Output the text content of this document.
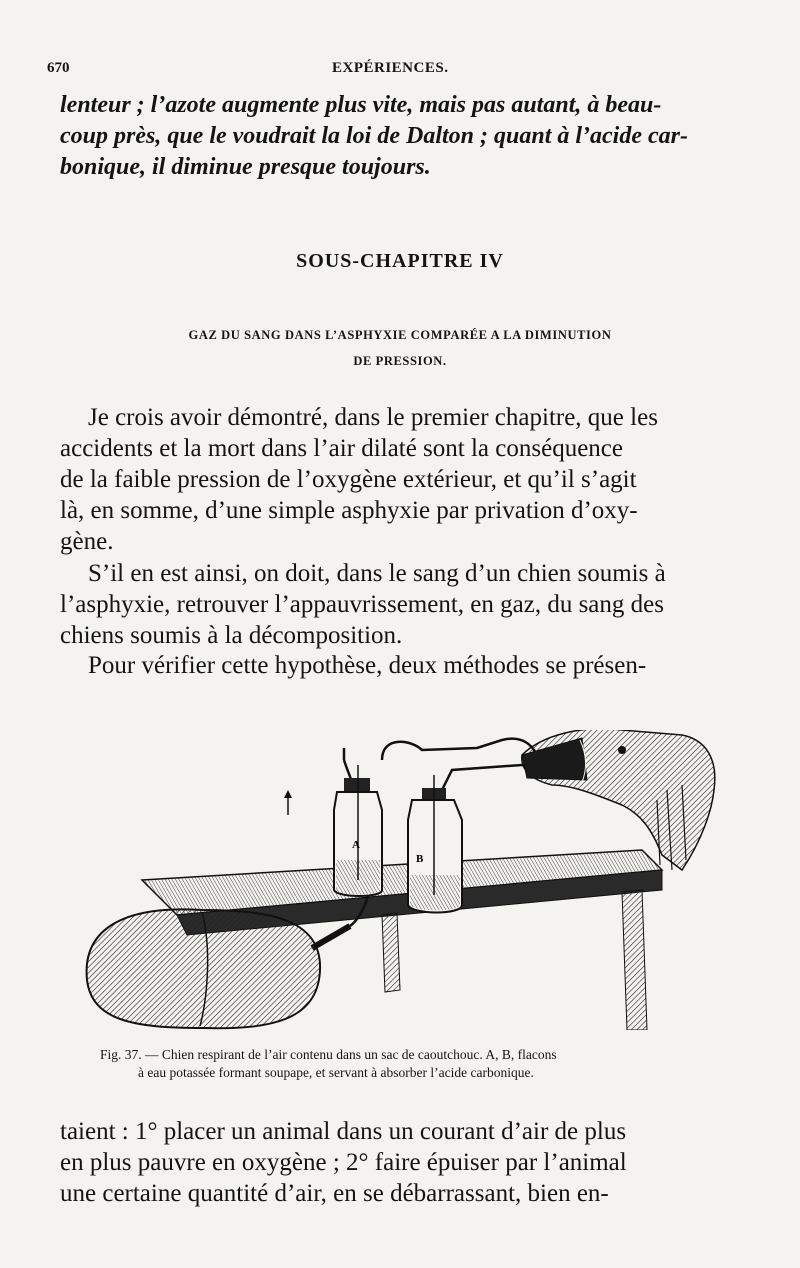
670	EXPÉRIENCES.
lenteur ; l’azote augmente plus vite, mais pas autant, à beau-
coup près, que le voudrait la loi de Dalton ; quant à l’acide car-
bonique, il diminue presque toujours.
SOUS-CHAPITRE IV
GAZ DU SANG DANS L’ASPHYXIE COMPARÉE A LA DIMINUTION
DE PRESSION.
Je crois avoir démontré, dans le premier chapitre, que les
accidents et la mort dans l’air dilaté sont la conséquence
de la faible pression de l’oxygène extérieur, et qu’il s’agit
là, en somme, d’une simple asphyxie par privation d’oxy-
gène.
S’il en est ainsi, on doit, dans le sang d’un chien soumis à
l’asphyxie, retrouver l’appauvrissement, en gaz, du sang des
chiens soumis à la décomposition.
Pour vérifier cette hypothèse, deux méthodes se présen-
A
B
Fig. 37. — Chien respirant de l’air contenu dans un sac de caoutchouc. A, B, flacons
à eau potassée formant soupape, et servant à absorber l’acide carbonique.
taient : 1° placer un animal dans un courant d’air de plus
en plus pauvre en oxygène ; 2° faire épuiser par l’animal
une certaine quantité d’air, en se débarrassant, bien en-
